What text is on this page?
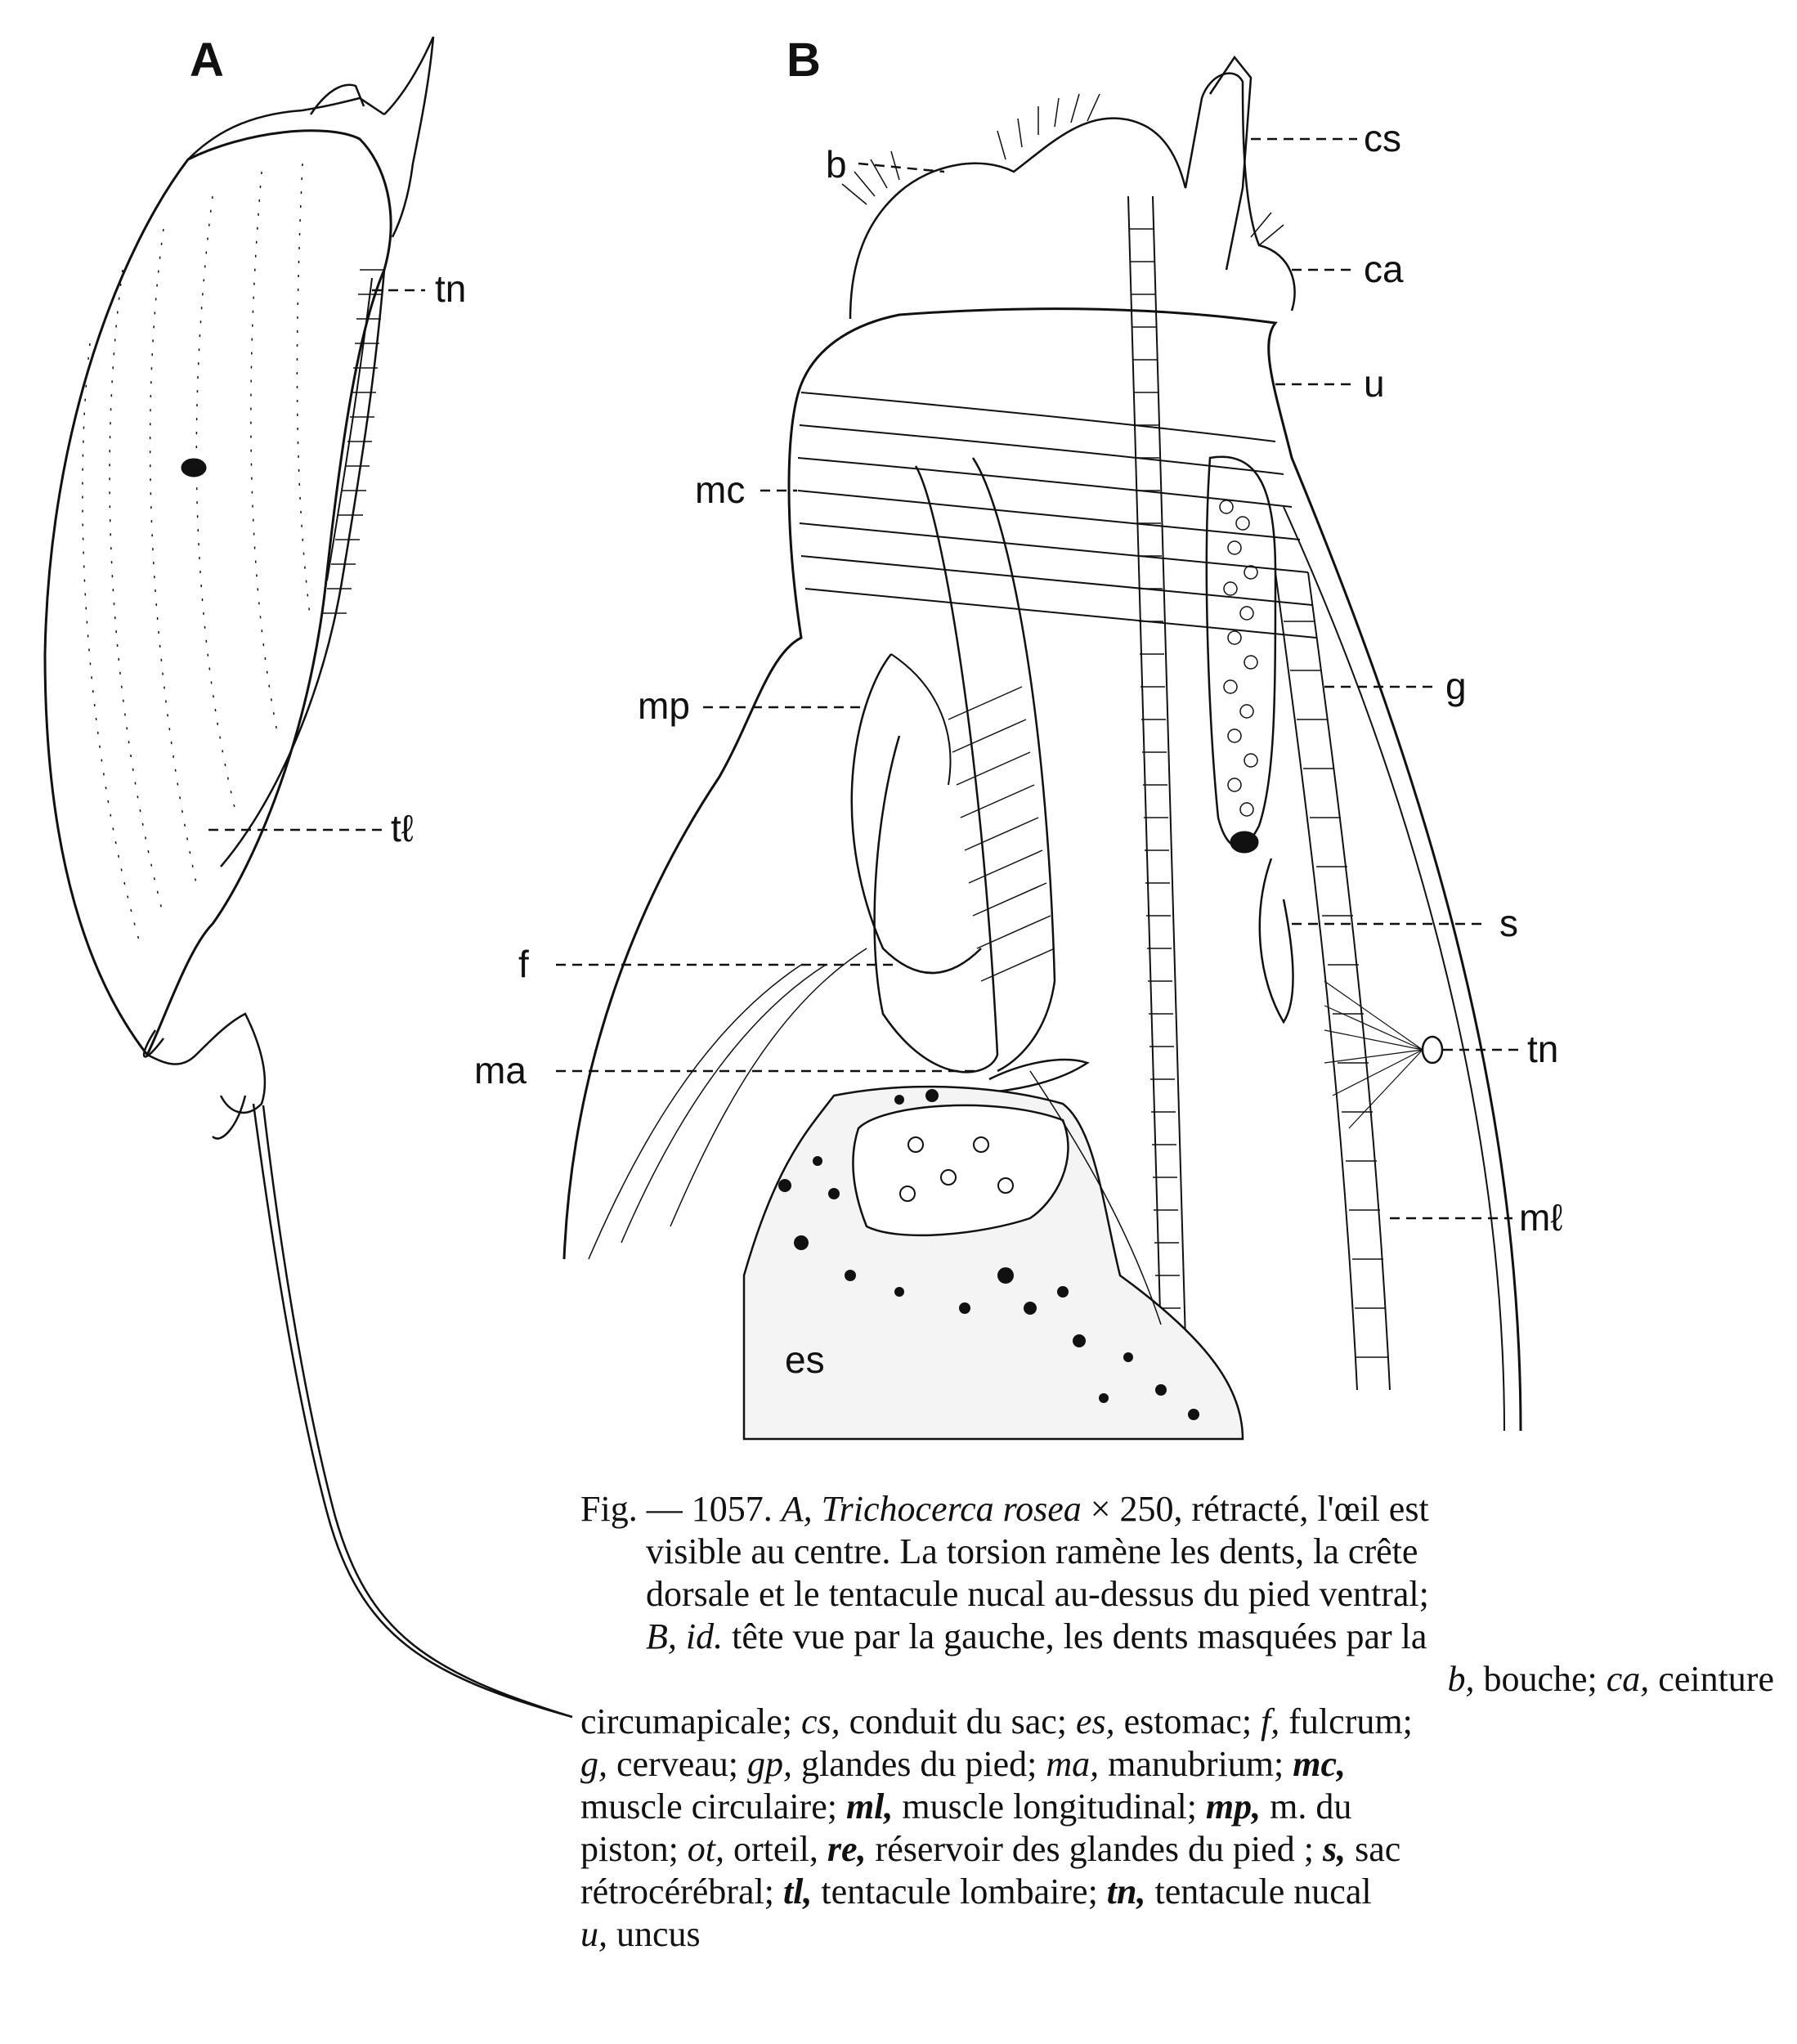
A	B
tn
tℓ
b
cs
ca
u
mc
g
mp
s
f
tn
ma
mℓ
es
Fig. — 1057. A, Trichocerca rosea × 250, rétracté, l'œil est
visible au centre. La torsion ramène les dents, la crête
dorsale et le tentacule nucal au-dessus du pied ventral;
B, id. tête vue par la gauche, les dents masquées par la
b, bouche; ca, ceinture
circumapicale; cs, conduit du sac; es, estomac; f, fulcrum;
g, cerveau; gp, glandes du pied; ma, manubrium; mc,
muscle circulaire; ml, muscle longitudinal; mp, m. du
piston; ot, orteil, re, réservoir des glandes du pied ; s, sac
rétrocérébral; tl, tentacule lombaire; tn, tentacule nucal
u, uncus
